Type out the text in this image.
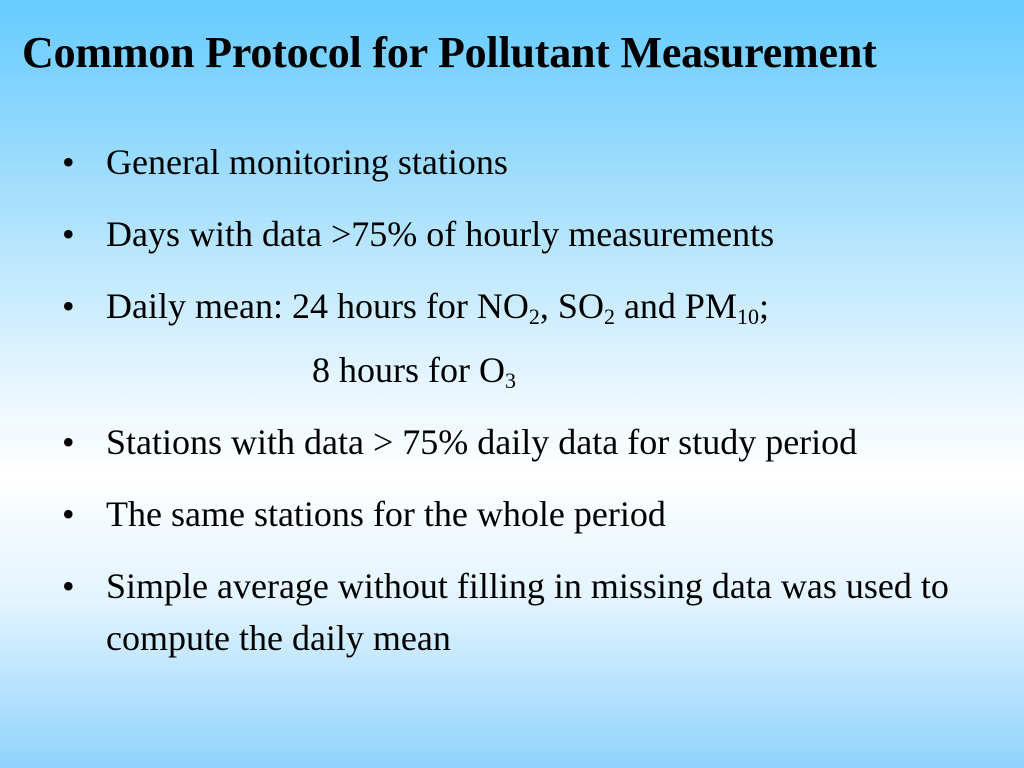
Common Protocol for Pollutant Measurement
• General monitoring stations
• Days with data >75% of hourly measurements
• Daily mean: 24 hours for $NO_2$, $SO_2$ and $PM_{10}$;
8 hours for $O_3$
• Stations with data > 75% daily data for study period
• The same stations for the whole period
• Simple average without filling in missing data was used to compute the daily mean
